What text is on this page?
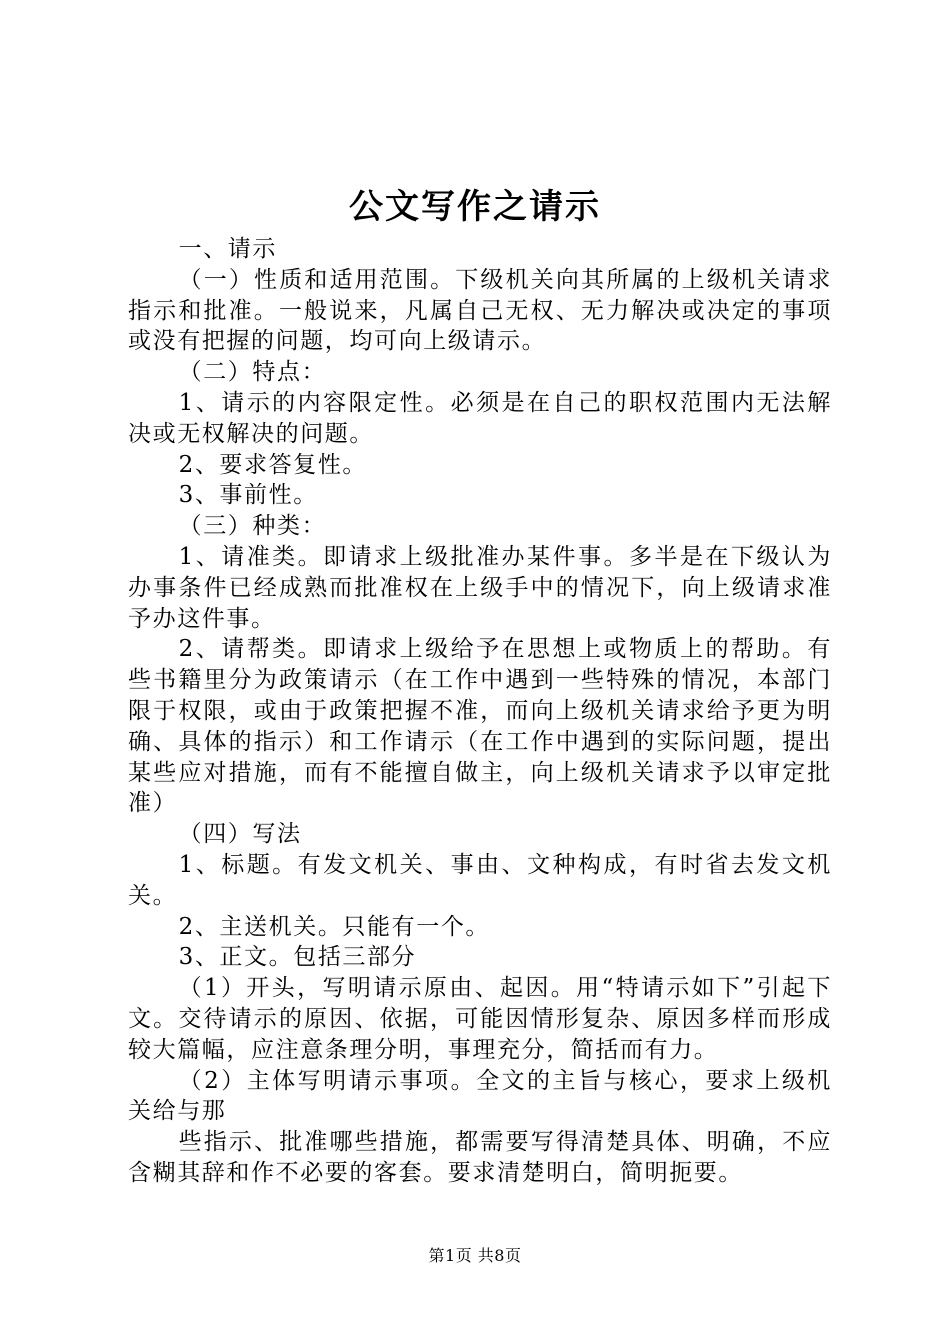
公文写作之请示

一、请示

（一）性质和适用范围。下级机关向其所属的上级机关请求指示和批准。一般说来，凡属自己无权、无力解决或决定的事项或没有把握的问题，均可向上级请示。

（二）特点：

1、请示的内容限定性。必须是在自己的职权范围内无法解决或无权解决的问题。

2、要求答复性。

3、事前性。

（三）种类：

1、请准类。即请求上级批准办某件事。多半是在下级认为办事条件已经成熟而批准权在上级手中的情况下，向上级请求准予办这件事。

2、请帮类。即请求上级给予在思想上或物质上的帮助。有些书籍里分为政策请示（在工作中遇到一些特殊的情况，本部门限于权限，或由于政策把握不准，而向上级机关请求给予更为明确、具体的指示）和工作请示（在工作中遇到的实际问题，提出某些应对措施，而有不能擅自做主，向上级机关请求予以审定批准）

（四）写法

1、标题。有发文机关、事由、文种构成，有时省去发文机关。

2、主送机关。只能有一个。

3、正文。包括三部分

（1）开头，写明请示原由、起因。用“特请示如下”引起下文。交待请示的原因、依据，可能因情形复杂、原因多样而形成较大篇幅，应注意条理分明，事理充分，简括而有力。

（2）主体写明请示事项。全文的主旨与核心，要求上级机关给与那

些指示、批准哪些措施，都需要写得清楚具体、明确，不应含糊其辞和作不必要的客套。要求清楚明白，简明扼要。

第1页 共8页
